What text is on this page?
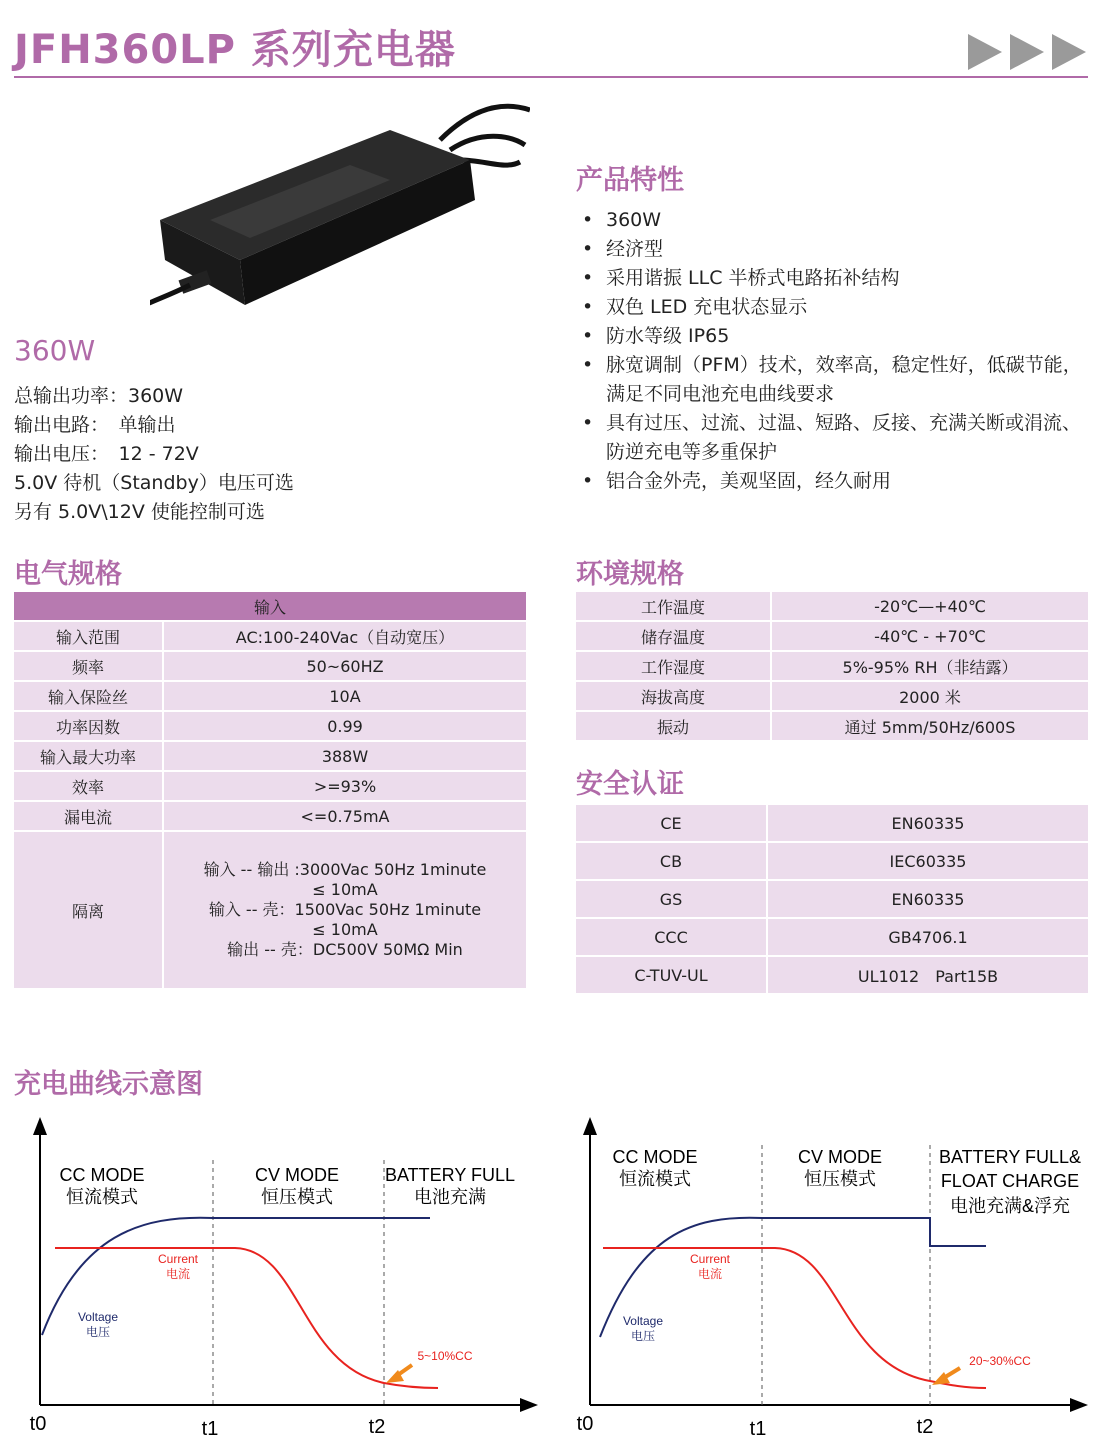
JFH360LP 系列充电器
360W
总输出功率：360W
输出电路：　单输出
输出电压：　12 - 72V
5.0V 待机（Standby）电压可选
另有 5.0V\12V 使能控制可选
产品特性
• 360W
• 经济型
• 采用谐振 LLC 半桥式电路拓补结构
• 双色 LED 充电状态显示
• 防水等级 IP65
• 脉宽调制（PFM）技术，效率高，稳定性好，低碳节能，满足不同电池充电曲线要求
• 具有过压、过流、过温、短路、反接、充满关断或涓流、防逆充电等多重保护
• 铝合金外壳，美观坚固，经久耐用
电气规格
输入	
输入范围	AC:100-240Vac（自动宽压）
频率	50~60HZ
输入保险丝	10A
功率因数	0.99
输入最大功率	388W
效率	>=93%
漏电流	<=0.75mA
隔离	输入 -- 输出 :3000Vac 50Hz 1minute
≤ 10mA
输入 -- 壳：1500Vac 50Hz 1minute
≤ 10mA
输出 -- 壳：DC500V 50MΩ Min
环境规格
工作温度	-20℃—+40℃
储存温度	-40℃ - +70℃
工作湿度	5%-95% RH（非结露）
海拔高度	2000 米
振动	通过 5mm/50Hz/600S
安全认证
CE	EN60335
CB	IEC60335
GS	EN60335
CCC	GB4706.1
C-TUV-UL	UL1012　Part15B
充电曲线示意图
CC MODE
恒流模式
CV MODE
恒压模式
BATTERY FULL
电池充满
Current
电流
Voltage
电压
5~10%CC
t0	t1	t2
CC MODE
恒流模式
CV MODE
恒压模式
BATTERY FULL&
FLOAT CHARGE
电池充满&浮充
Current
电流
Voltage
电压
20~30%CC
t0	t1	t2
